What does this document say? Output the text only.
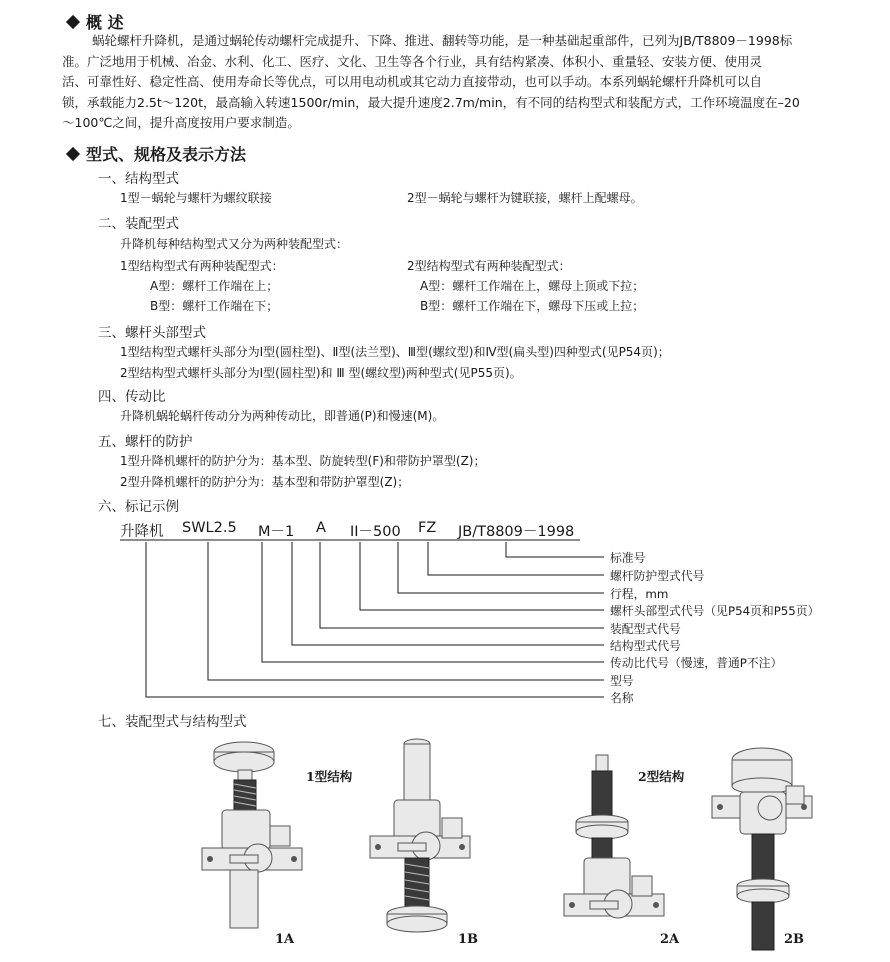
概 述
蜗轮螺杆升降机，是通过蜗轮传动螺杆完成提升、下降、推进、翻转等功能，是一种基础起重部件，已列为JB/T8809－1998标
准。广泛地用于机械、冶金、水利、化工、医疗、文化、卫生等各个行业，具有结构紧凑、体积小、重量轻、安装方便、使用灵
活、可靠性好、稳定性高、使用寿命长等优点，可以用电动机或其它动力直接带动，也可以手动。本系列蜗轮螺杆升降机可以自
锁，承载能力2.5t～120t，最高输入转速1500r/min，最大提升速度2.7m/min，有不同的结构型式和装配方式，工作环境温度在–20
～100℃之间，提升高度按用户要求制造。
型式、规格及表示方法
一、结构型式
1型－蜗轮与螺杆为螺纹联接	2型－蜗轮与螺杆为键联接，螺杆上配螺母。
二、装配型式
升降机每种结构型式又分为两种装配型式：
1型结构型式有两种装配型式：	2型结构型式有两种装配型式：
A型：螺杆工作端在上；	A型：螺杆工作端在上，螺母上顶或下拉；
B型：螺杆工作端在下；	B型：螺杆工作端在下，螺母下压或上拉；
三、螺杆头部型式
1型结构型式螺杆头部分为Ⅰ型(圆柱型)、Ⅱ型(法兰型)、Ⅲ型(螺纹型)和Ⅳ型(扁头型)四种型式(见P54页)；
2型结构型式螺杆头部分为Ⅰ型(圆柱型)和 Ⅲ 型(螺纹型)两种型式(见P55页)。
四、传动比
升降机蜗轮蜗杆传动分为两种传动比，即普通(P)和慢速(M)。
五、螺杆的防护
1型升降机螺杆的防护分为：基本型、防旋转型(F)和带防护罩型(Z)；
2型升降机螺杆的防护分为：基本型和带防护罩型(Z)；
六、标记示例
升降机 SWL2.5 M－1 A II－500 FZ JB/T8809－1998
标准号
螺杆防护型式代号
行程，mm
螺杆头部型式代号（见P54页和P55页）
装配型式代号
结构型式代号
传动比代号（慢速，普通P不注）
型号
名称
七、装配型式与结构型式
1型结构	2型结构
1A	1B	2A	2B
